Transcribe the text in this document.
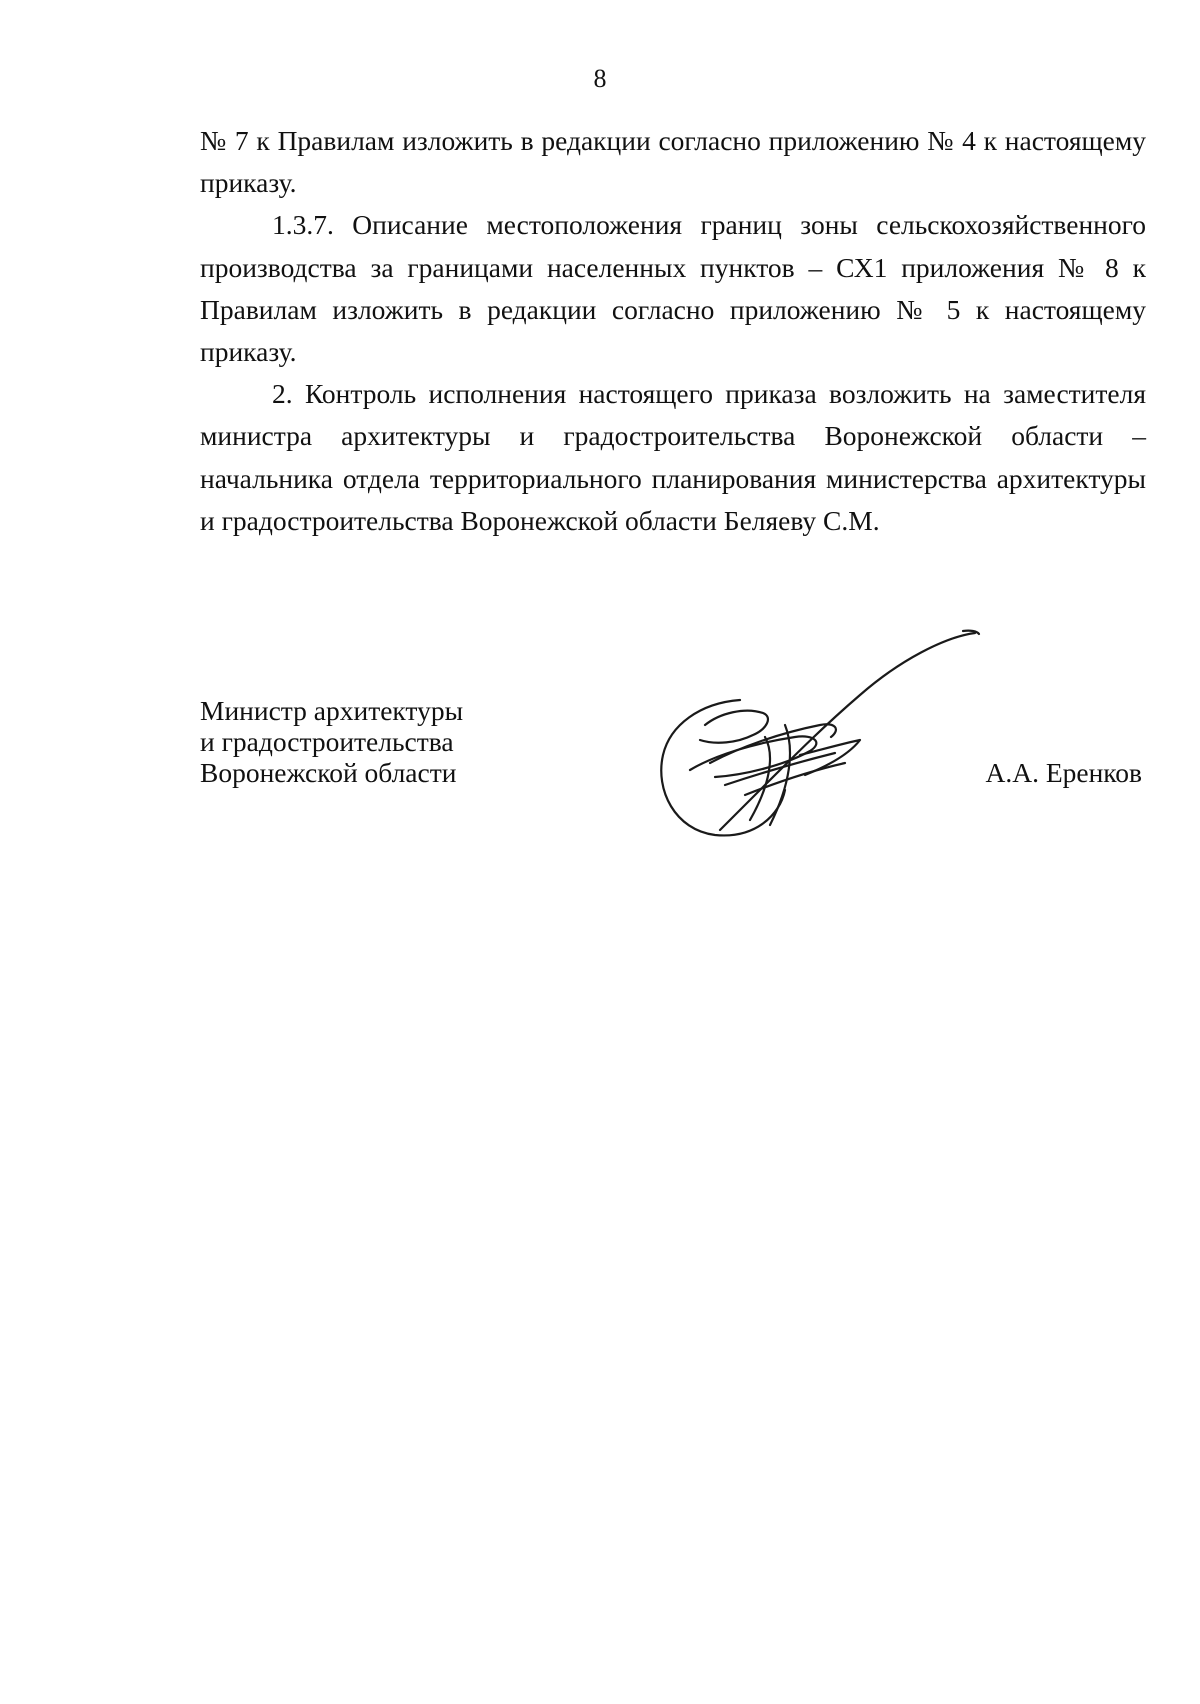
8

№ 7 к Правилам изложить в редакции согласно приложению № 4 к настоящему приказу.

1.3.7. Описание местоположения границ зоны сельскохозяйственного производства за границами населенных пунктов – СХ1 приложения № 8 к Правилам изложить в редакции согласно приложению № 5 к настоящему приказу.

2. Контроль исполнения настоящего приказа возложить на заместителя министра архитектуры и градостроительства Воронежской области – начальника отдела территориального планирования министерства архитектуры и градостроительства Воронежской области Беляеву С.М.

Министр архитектуры
и градостроительства
Воронежской области	А.А. Еренков
